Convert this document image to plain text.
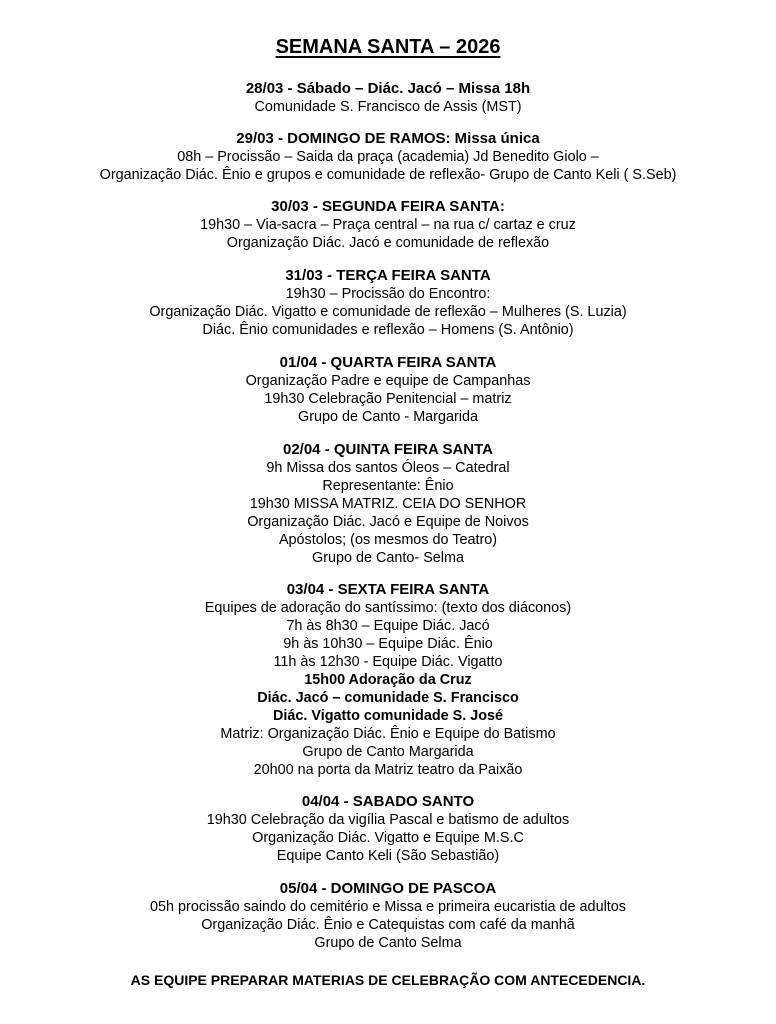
SEMANA SANTA – 2026

28/03 - Sábado – Diác. Jacó – Missa 18h

Comunidade S. Francisco de Assis (MST)

29/03 - DOMINGO DE RAMOS: Missa única

08h – Procissão – Saida da praça (academia) Jd Benedito Giolo –

Organização Diác. Ênio e grupos e comunidade de reflexão- Grupo de Canto Keli ( S.Seb)

30/03 - SEGUNDA FEIRA SANTA:

19h30 – Via-sacra – Praça central – na rua c/ cartaz e cruz

Organização Diác. Jacó e comunidade de reflexão

31/03 - TERÇA FEIRA SANTA

19h30 – Procissão do Encontro:

Organização Diác. Vigatto e comunidade de reflexão – Mulheres (S. Luzia)

Diác. Ênio comunidades e reflexão – Homens (S. Antônio)

01/04 - QUARTA FEIRA SANTA

Organização Padre e equipe de Campanhas

19h30 Celebração Penitencial – matriz

Grupo de Canto - Margarida

02/04 - QUINTA FEIRA SANTA

9h Missa dos santos Óleos – Catedral

Representante: Ênio

19h30 MISSA MATRIZ. CEIA DO SENHOR

Organização Diác. Jacó e Equipe de Noivos

Apóstolos; (os mesmos do Teatro)

Grupo de Canto- Selma

03/04 - SEXTA FEIRA SANTA

Equipes de adoração do santíssimo: (texto dos diáconos)

7h às 8h30 – Equipe Diác. Jacó

9h às 10h30 – Equipe Diác. Ênio

11h às 12h30 - Equipe Diác. Vigatto

15h00 Adoração da Cruz

Diác. Jacó – comunidade S. Francisco

Diác. Vigatto comunidade S. José

Matriz: Organização Diác. Ênio e Equipe do Batismo

Grupo de Canto Margarida

20h00 na porta da Matriz teatro da Paixão

04/04 - SABADO SANTO

19h30 Celebração da vigília Pascal e batismo de adultos

Organização Diác. Vigatto e Equipe M.S.C

Equipe Canto Keli (São Sebastião)

05/04 - DOMINGO DE PASCOA

05h procissão saindo do cemitério e Missa e primeira eucaristia de adultos

Organização Diác. Ênio e Catequistas com café da manhã

Grupo de Canto Selma

AS EQUIPE PREPARAR MATERIAS DE CELEBRAÇÃO COM ANTECEDENCIA.
